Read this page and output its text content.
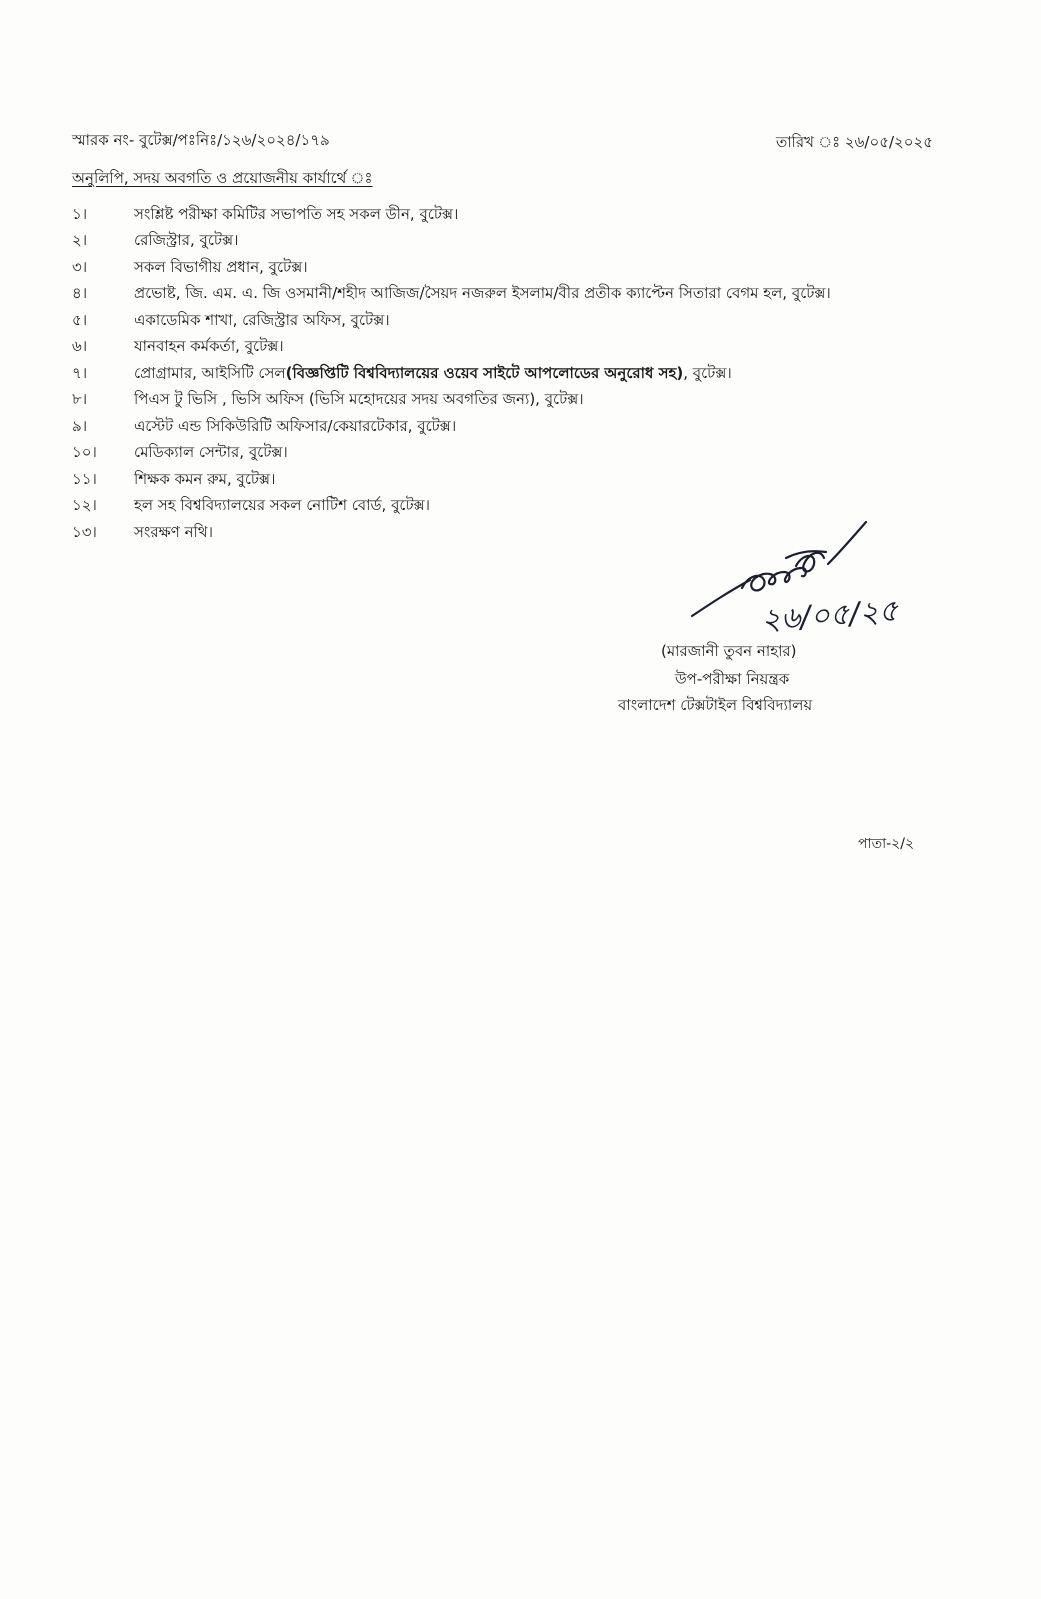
স্মারক নং- বুটেক্স/পঃনিঃ/১২৬/২০২৪/১৭৯	তারিখ ঃ ২৬/০৫/২০২৫
অনুলিপি, সদয় অবগতি ও প্রয়োজনীয় কার্যার্থে ঃ
১।	সংশ্লিষ্ট পরীক্ষা কমিটির সভাপতি সহ সকল ডীন, বুটেক্স।
২।	রেজিস্ট্রার, বুটেক্স।
৩।	সকল বিভাগীয় প্রধান, বুটেক্স।
৪।	প্রভোষ্ট, জি. এম. এ. জি ওসমানী/শহীদ আজিজ/সৈয়দ নজরুল ইসলাম/বীর প্রতীক ক্যাপ্টেন সিতারা বেগম হল, বুটেক্স।
৫।	একাডেমিক শাখা, রেজিস্ট্রার অফিস, বুটেক্স।
৬।	যানবাহন কর্মকর্তা, বুটেক্স।
৭।	প্রোগ্রামার, আইসিটি সেল (বিজ্ঞপ্তিটি বিশ্ববিদ্যালয়ের ওয়েব সাইটে আপলোডের অনুরোধ সহ) , বুটেক্স।
৮।	পিএস টু ভিসি , ভিসি অফিস (ভিসি মহোদয়ের সদয় অবগতির জন্য), বুটেক্স।
৯।	এস্টেট এন্ড সিকিউরিটি অফিসার/কেয়ারটেকার, বুটেক্স।
১০।	মেডিক্যাল সেন্টার, বুটেক্স।
১১।	শিক্ষক কমন রুম, বুটেক্স।
১২।	হল সহ বিশ্ববিদ্যালয়ের সকল নোটিশ বোর্ড, বুটেক্স।
১৩।	সংরক্ষণ নথি।
২৬/০৫/২৫
(মারজানী তুবন নাহার)
উপ-পরীক্ষা নিয়ন্ত্রক
বাংলাদেশ টেক্সটাইল বিশ্ববিদ্যালয়
পাতা-২/২
